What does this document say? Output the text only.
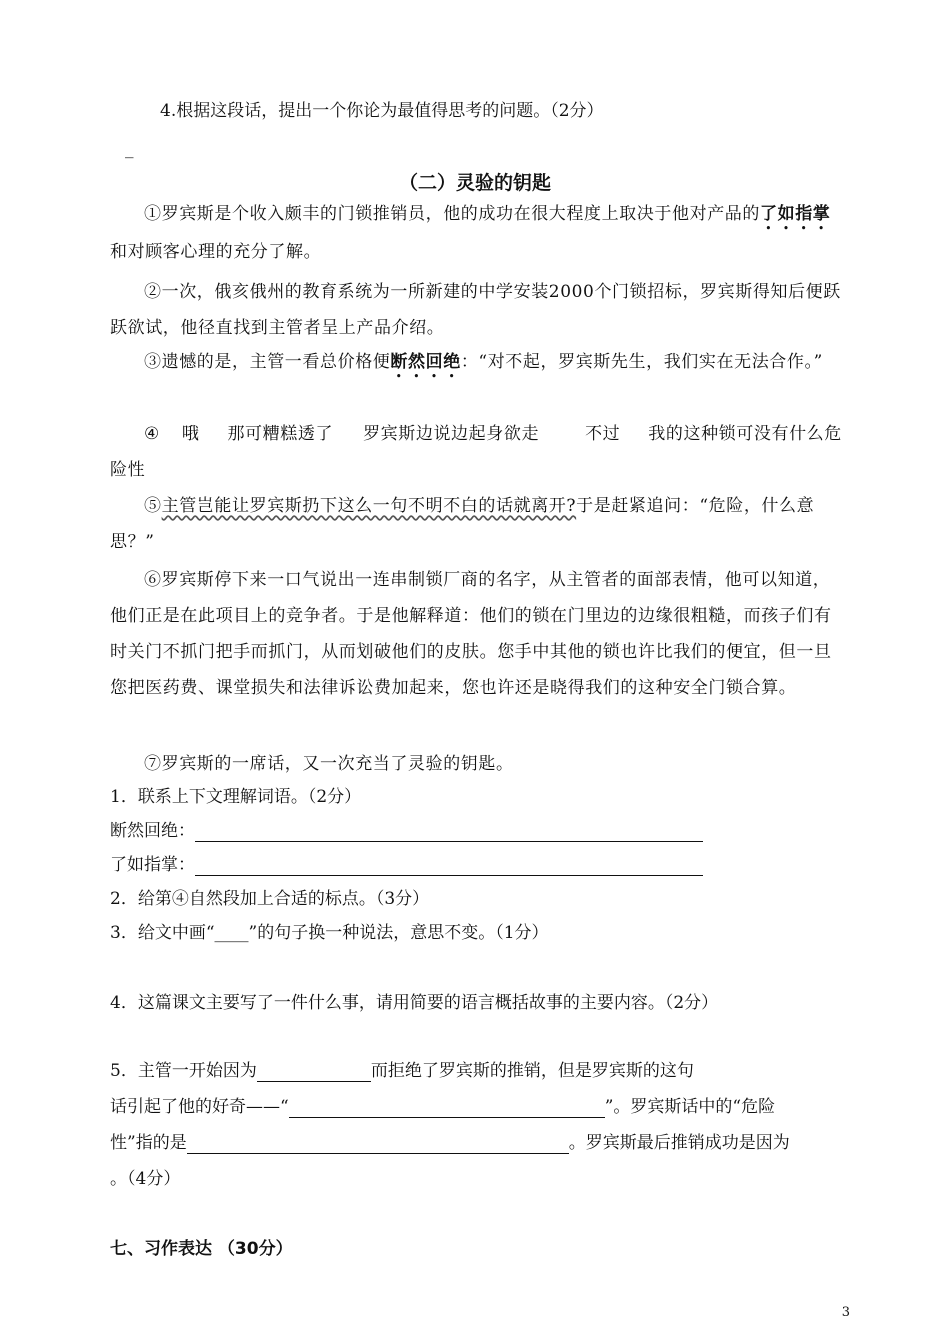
4.根据这段话，提出一个你论为最值得思考的问题。（2分）
_
（二）灵验的钥匙
①罗宾斯是个收入颇丰的门锁推销员，他的成功在很大程度上取决于他对产品的了如指掌和对顾客心理的充分了解。
②一次，俄亥俄州的教育系统为一所新建的中学安装2000个门锁招标，罗宾斯得知后便跃跃欲试，他径直找到主管者呈上产品介绍。
③遗憾的是，主管一看总价格便断然回绝：“对不起，罗宾斯先生，我们实在无法合作。”
④ 哦 那可糟糕透了 罗宾斯边说边起身欲走	不过 我的这种锁可没有什么危险性
⑤主管岂能让罗宾斯扔下这么一句不明不白的话就离开?于是赶紧追问：“危险，什么意思？”
⑥罗宾斯停下来一口气说出一连串制锁厂商的名字，从主管者的面部表情，他可以知道，他们正是在此项目上的竞争者。于是他解释道：他们的锁在门里边的边缘很粗糙，而孩子们有时关门不抓门把手而抓门，从而划破他们的皮肤。您手中其他的锁也许比我们的便宜，但一旦您把医药费、课堂损失和法律诉讼费加起来，您也许还是晓得我们的这种安全门锁合算。
⑦罗宾斯的一席话，又一次充当了灵验的钥匙。
1．联系上下文理解词语。（2分）
断然回绝：
了如指掌：
2．给第④自然段加上合适的标点。（3分）
3．给文中画“____”的句子换一种说法，意思不变。（1分）
4．这篇课文主要写了一件什么事，请用简要的语言概括故事的主要内容。（2分）
5．主管一开始因为	而拒绝了罗宾斯的推销，但是罗宾斯的这句
话引起了他的好奇——“	”。罗宾斯话中的“危险
性”指的是	。罗宾斯最后推销成功是因为
。（4分）
七、习作表达 （30分）
3
